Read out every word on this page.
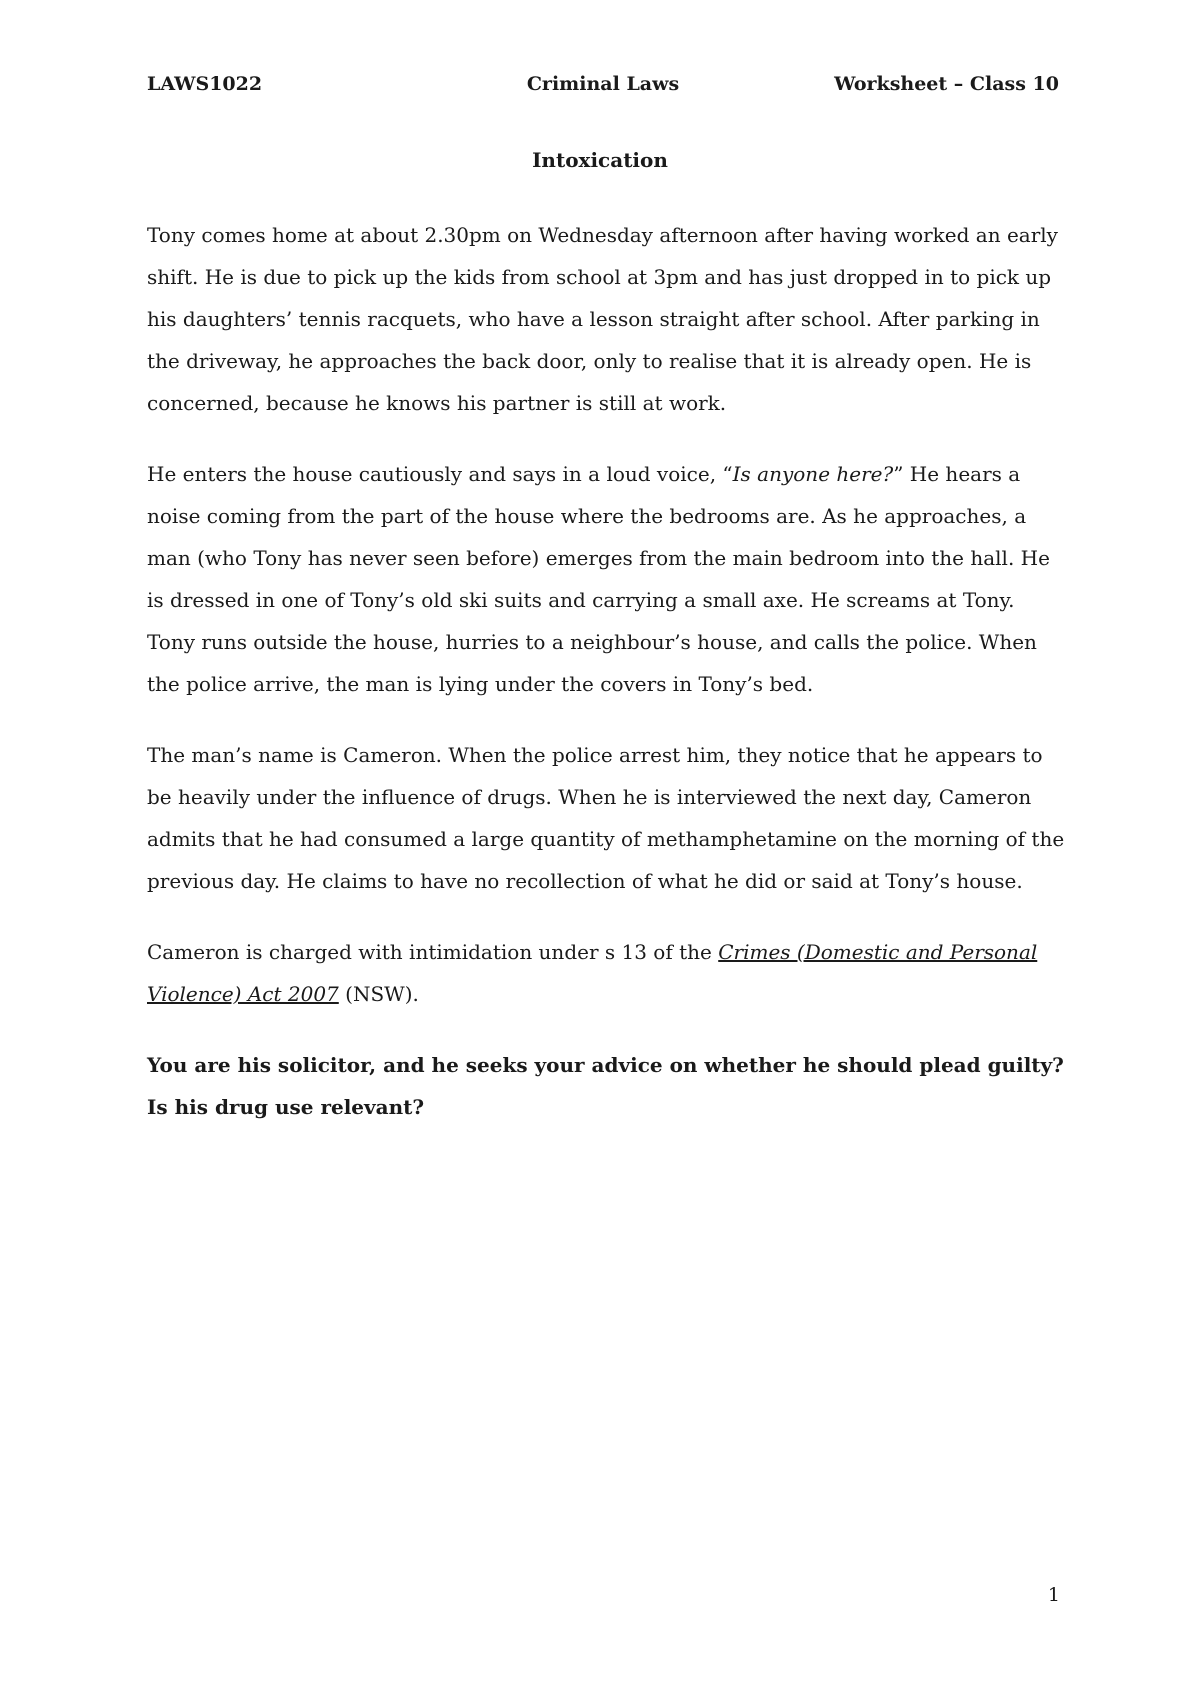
LAWS1022	Criminal Laws	Worksheet – Class 10
Intoxication

Tony comes home at about 2.30pm on Wednesday afternoon after having worked an early shift. He is due to pick up the kids from school at 3pm and has just dropped in to pick up his daughters’ tennis racquets, who have a lesson straight after school. After parking in the driveway, he approaches the back door, only to realise that it is already open. He is concerned, because he knows his partner is still at work.

He enters the house cautiously and says in a loud voice, “Is anyone here?” He hears a noise coming from the part of the house where the bedrooms are. As he approaches, a man (who Tony has never seen before) emerges from the main bedroom into the hall. He is dressed in one of Tony’s old ski suits and carrying a small axe. He screams at Tony. Tony runs outside the house, hurries to a neighbour’s house, and calls the police. When the police arrive, the man is lying under the covers in Tony’s bed.

The man’s name is Cameron. When the police arrest him, they notice that he appears to be heavily under the influence of drugs. When he is interviewed the next day, Cameron admits that he had consumed a large quantity of methamphetamine on the morning of the previous day. He claims to have no recollection of what he did or said at Tony’s house.

Cameron is charged with intimidation under s 13 of the Crimes (Domestic and Personal Violence) Act 2007 (NSW).

You are his solicitor, and he seeks your advice on whether he should plead guilty? Is his drug use relevant?

1
